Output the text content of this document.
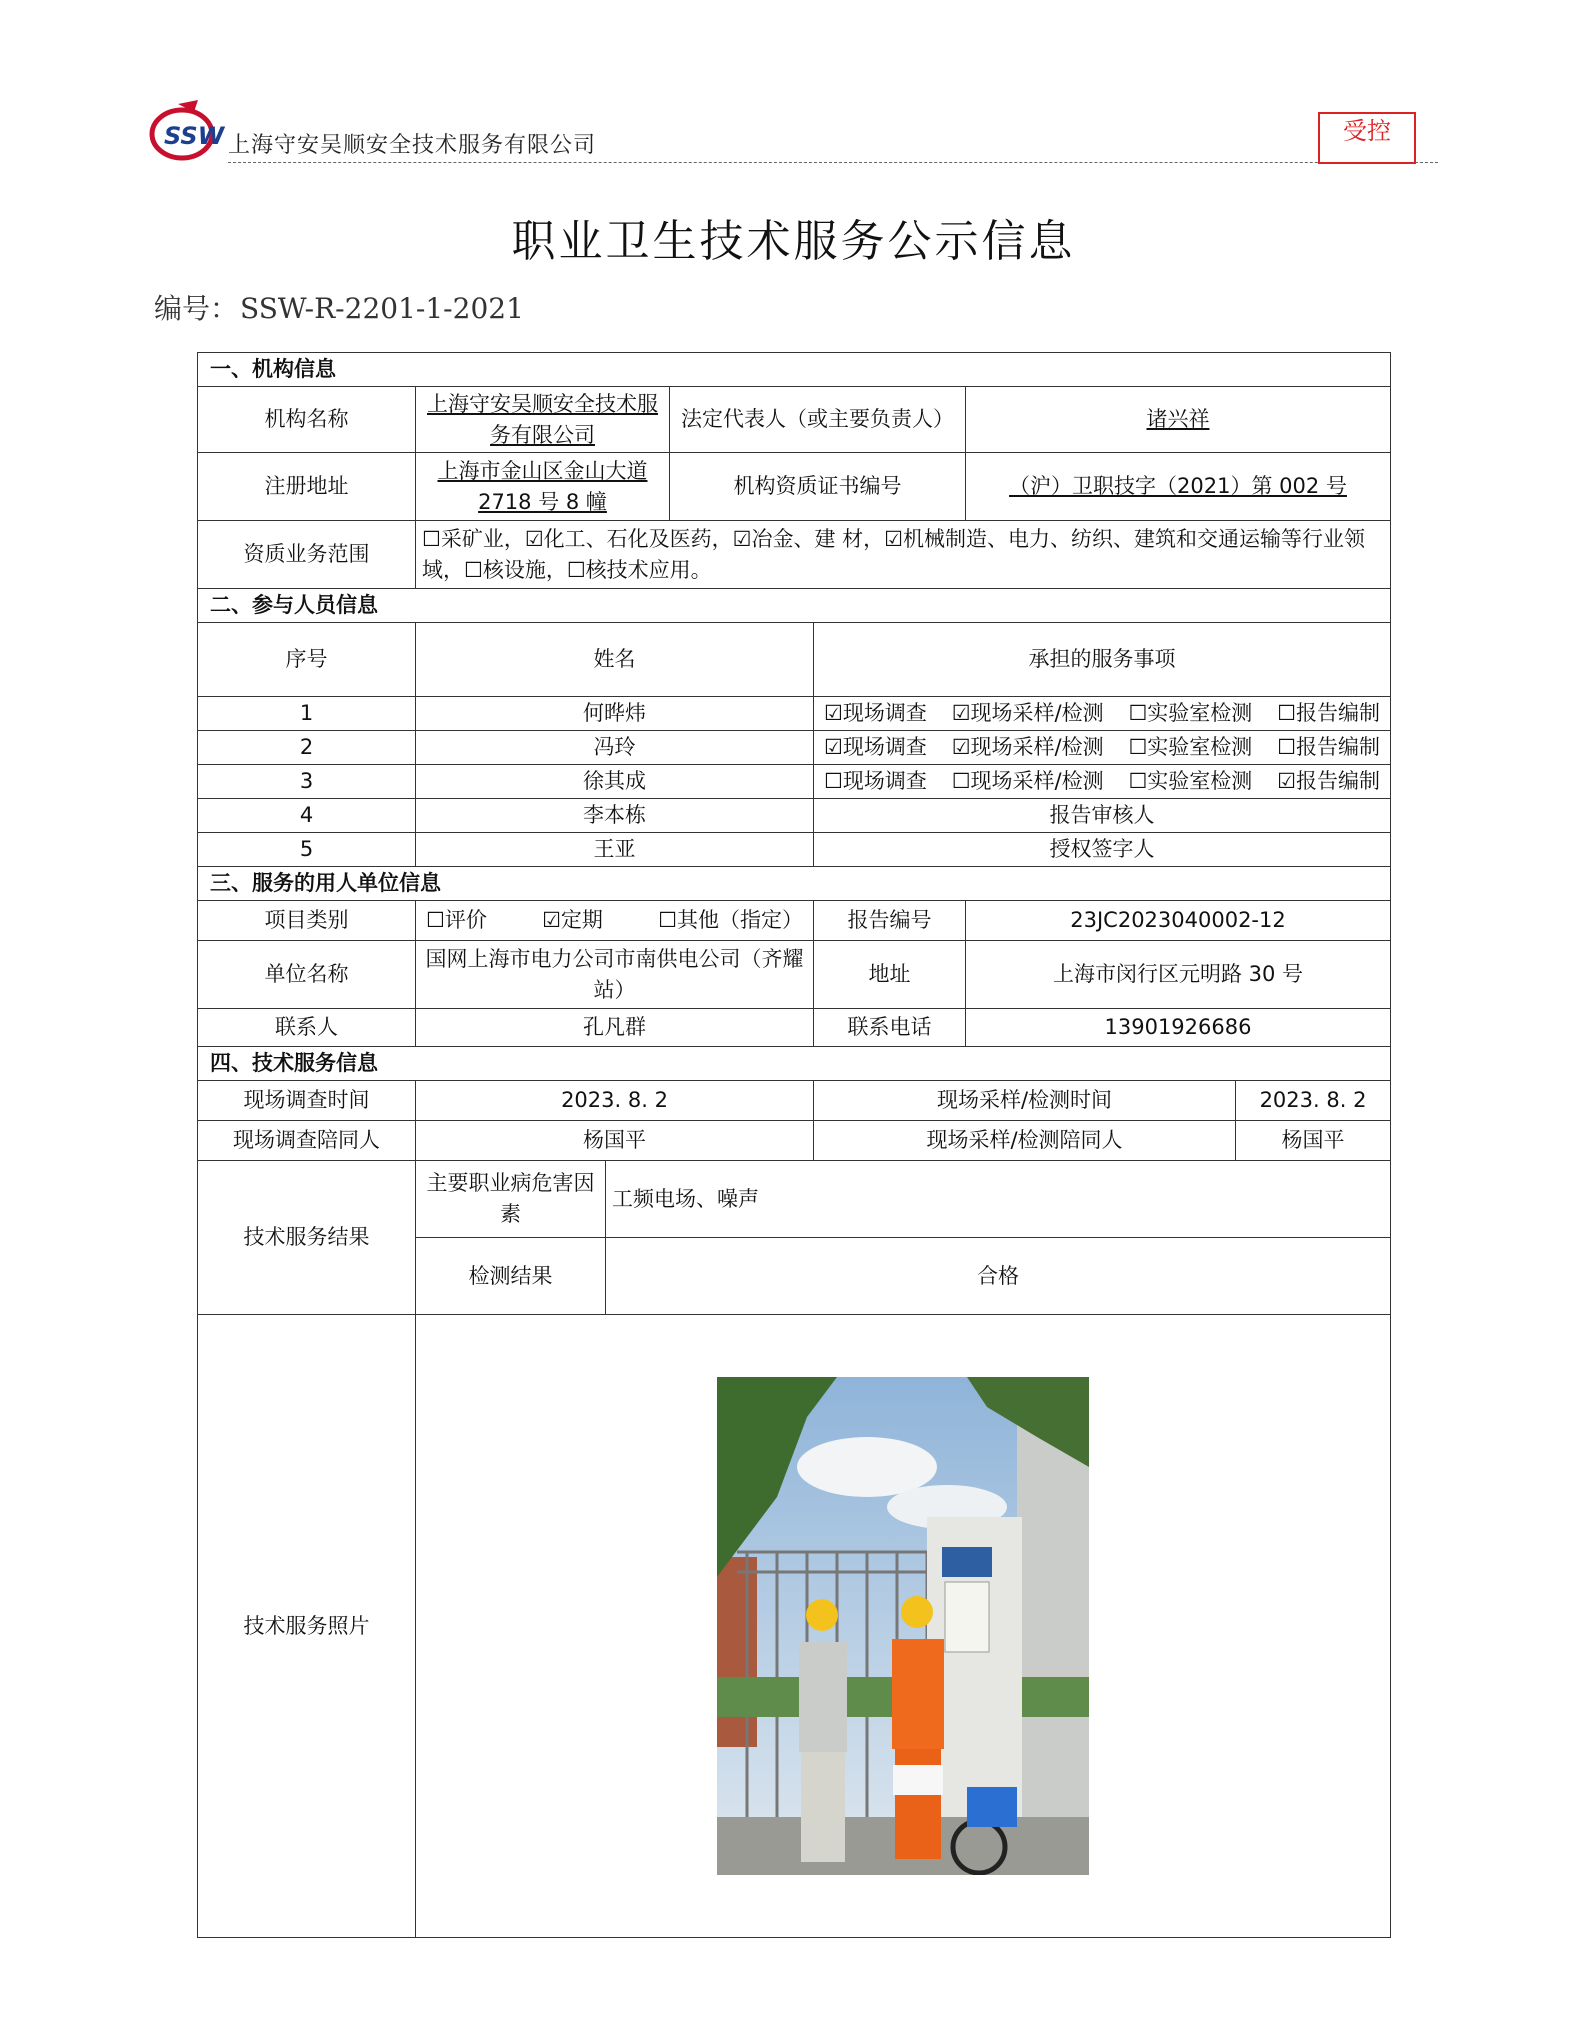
SSW 上海守安吴顺安全技术服务有限公司
受控
职业卫生技术服务公示信息
编号：SSW-R-2201-1-2021
一、机构信息						
机构名称	上海守安吴顺安全技术服务有限公司		法定代表人（或主要负责人）		诸兴祥	
注册地址	上海市金山区金山大道 2718 号 8 幢		机构资质证书编号		（沪）卫职技字（2021）第 002 号	
资质业务范围	☐采矿业，☑化工、石化及医药，☑冶金、建 材，☑机械制造、电力、纺织、建筑和交通运输等行业领域，☐核设施，☐核技术应用。					
二、参与人员信息						
序号	姓名			承担的服务事项		
1	何晔炜			☑现场调查 ☑现场采样/检测 ☐实验室检测 ☐报告编制		

2	冯玲			☑现场调查 ☑现场采样/检测 ☐实验室检测 ☐报告编制		

3	徐其成			☐现场调查 ☐现场采样/检测 ☐实验室检测 ☑报告编制		

4	李本栋			报告审核人		
5	王亚			授权签字人		
三、服务的用人单位信息						
项目类别	☐评价 ☑定期 ☐其他（指定）			报告编号	23JC2023040002-12	
单位名称	国网上海市电力公司市南供电公司（齐耀站）			地址	上海市闵行区元明路 30 号	
联系人	孔凡群			联系电话	13901926686	
四、技术服务信息						
现场调查时间	2023. 8. 2			现场采样/检测时间		2023. 8. 2
现场调查陪同人	杨国平			现场采样/检测陪同人		杨国平
技术服务结果	主要职业病危害因素	工频电场、噪声				
	检测结果	合格				
技术服务照片	
